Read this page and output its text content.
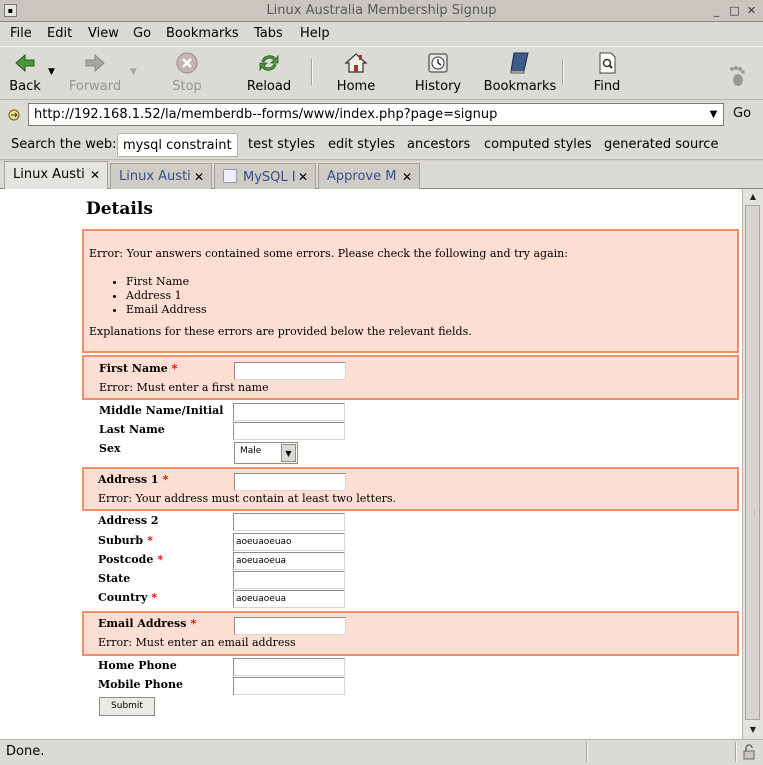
▪	Linux Australia Membership Signup	_ □ ✕
File Edit View Go Bookmarks Tabs Help
Back
▼
Forward
▼
Stop	Reload	Home	History Bookmarks	Find
http://192.168.1.52/la/memberdb--forms/www/index.php?page=signup	▼	Go
Search the web: mysql constraint	test styles edit styles ancestors computed styles generated source
Linux Austi ✕	Linux Austi ✕	MySQL I ✕	Approve M ✕
Details
Error: Your answers contained some errors. Please check the following and try again:
• First Name
• Address 1
• Email Address
Explanations for these errors are provided below the relevant fields.
First Name *
Error: Must enter a first name
Middle Name/Initial
Last Name
Sex	Male	▼
Address 1 *
Error: Your address must contain at least two letters.
Address 2
Suburb *	aoeuaoeuao
Postcode *	aoeuaoeua
State
Country *	aoeuaoeua
Email Address *
Error: Must enter an email address
Home Phone
Mobile Phone
Submit
▲
⋮
▼
Done.
